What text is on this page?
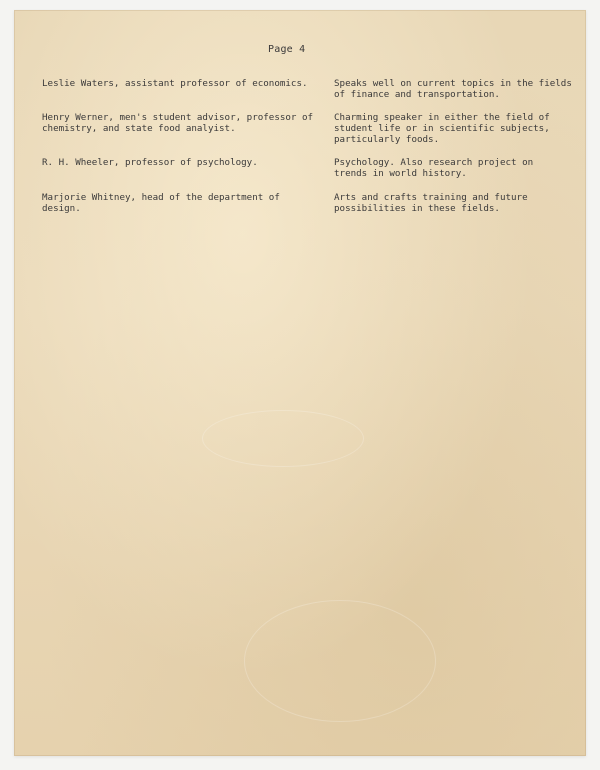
Page 4
Leslie Waters, assistant professor of economics.	Speaks well on current topics in the fields
of finance and transportation.
Henry Werner, men's student advisor, professor of
chemistry, and state food analyist.
Charming speaker in either the field of
student life or in scientific subjects,
particularly foods.
R. H. Wheeler, professor of psychology.	Psychology. Also research project on
trends in world history.
Marjorie Whitney, head of the department of
design.
Arts and crafts training and future
possibilities in these fields.
